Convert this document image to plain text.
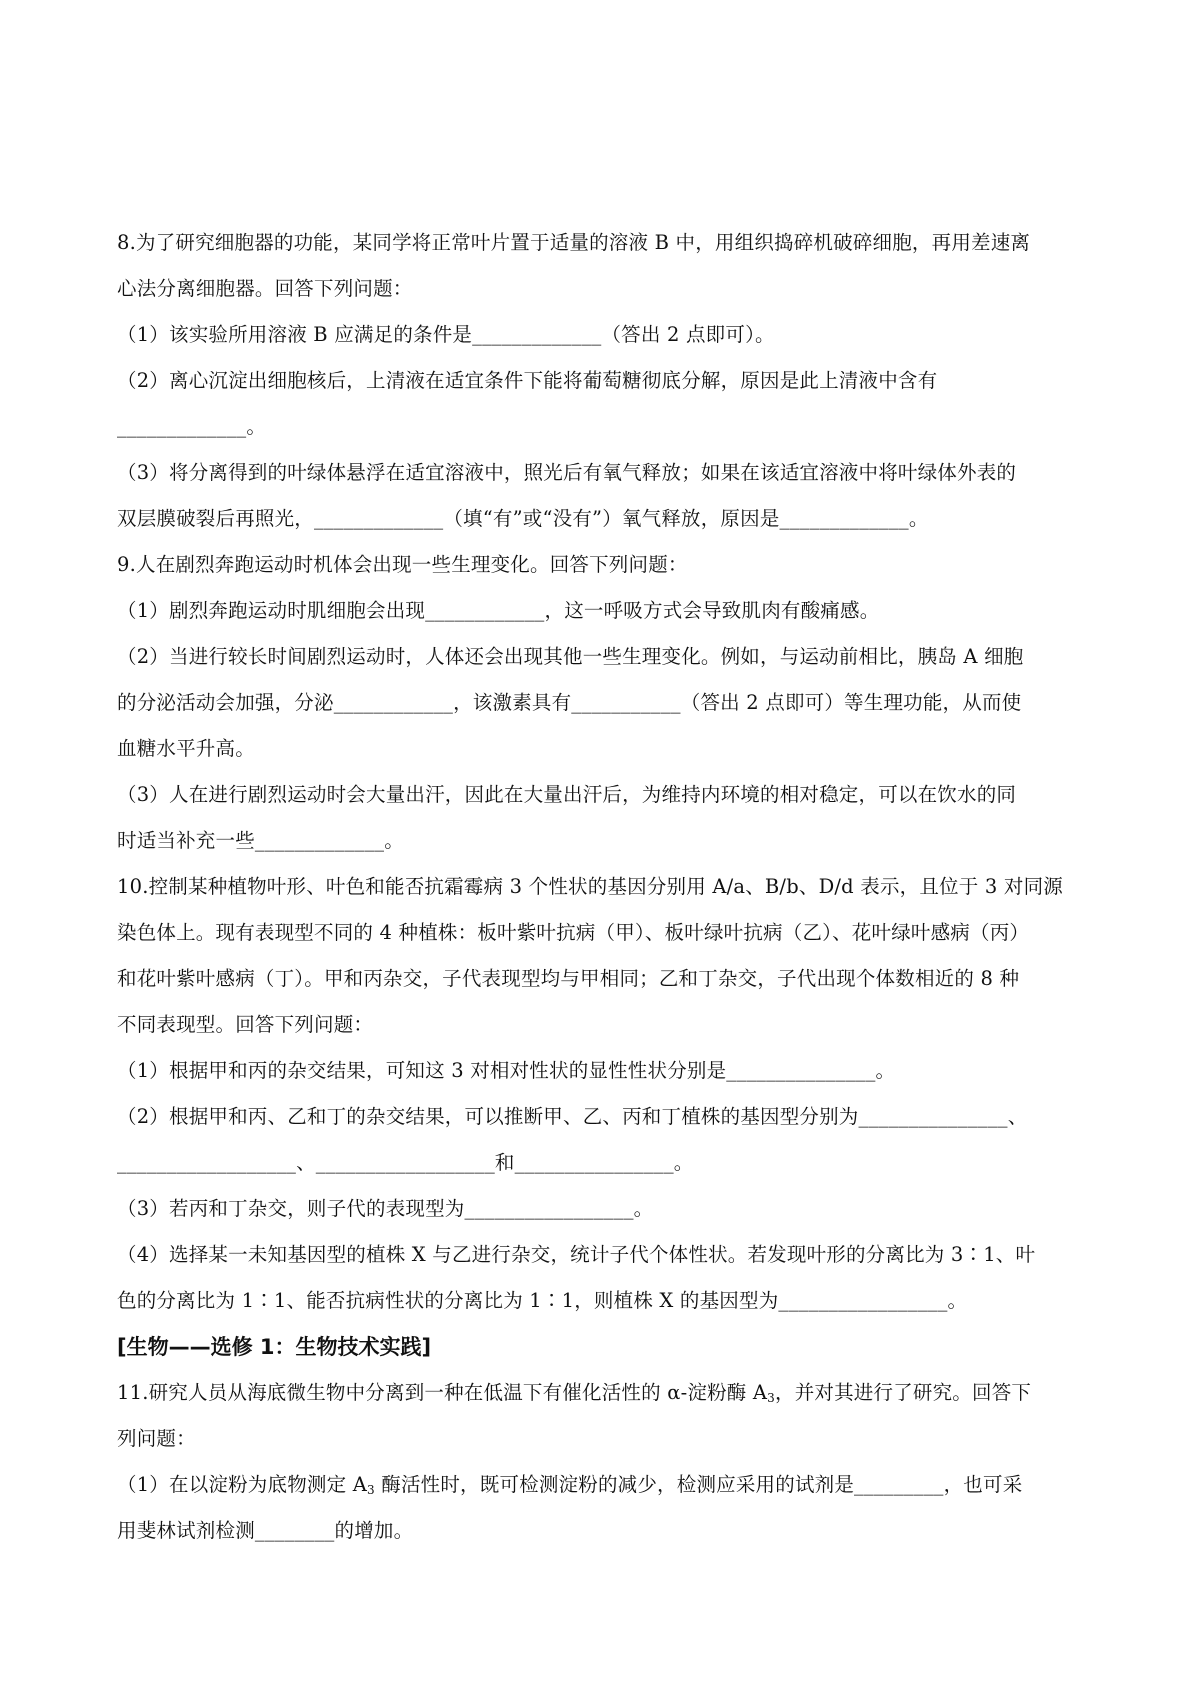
8.为了研究细胞器的功能，某同学将正常叶片置于适量的溶液 B 中，用组织捣碎机破碎细胞，再用差速离

心法分离细胞器。回答下列问题：

（1）该实验所用溶液 B 应满足的条件是_____________（答出 2 点即可）。

（2）离心沉淀出细胞核后，上清液在适宜条件下能将葡萄糖彻底分解，原因是此上清液中含有

_____________。

（3）将分离得到的叶绿体悬浮在适宜溶液中，照光后有氧气释放；如果在该适宜溶液中将叶绿体外表的

双层膜破裂后再照光，_____________（填“有”或“没有”）氧气释放，原因是_____________。

9.人在剧烈奔跑运动时机体会出现一些生理变化。回答下列问题：

（1）剧烈奔跑运动时肌细胞会出现____________，这一呼吸方式会导致肌肉有酸痛感。

（2）当进行较长时间剧烈运动时，人体还会出现其他一些生理变化。例如，与运动前相比，胰岛 A 细胞

的分泌活动会加强，分泌____________，该激素具有___________（答出 2 点即可）等生理功能，从而使

血糖水平升高。

（3）人在进行剧烈运动时会大量出汗，因此在大量出汗后，为维持内环境的相对稳定，可以在饮水的同

时适当补充一些_____________。

10.控制某种植物叶形、叶色和能否抗霜霉病 3 个性状的基因分别用 A/a、B/b、D/d 表示，且位于 3 对同源

染色体上。现有表现型不同的 4 种植株：板叶紫叶抗病（甲）、板叶绿叶抗病（乙）、花叶绿叶感病（丙）

和花叶紫叶感病（丁）。甲和丙杂交，子代表现型均与甲相同；乙和丁杂交，子代出现个体数相近的 8 种

不同表现型。回答下列问题：

（1）根据甲和丙的杂交结果，可知这 3 对相对性状的显性性状分别是_______________。

（2）根据甲和丙、乙和丁的杂交结果，可以推断甲、乙、丙和丁植株的基因型分别为_______________、

__________________、__________________和________________。

（3）若丙和丁杂交，则子代的表现型为_________________。

（4）选择某一未知基因型的植株 X 与乙进行杂交，统计子代个体性状。若发现叶形的分离比为 3∶1、叶

色的分离比为 1∶1、能否抗病性状的分离比为 1∶1，则植株 X 的基因型为_________________。

[生物——选修 1：生物技术实践]

11.研究人员从海底微生物中分离到一种在低温下有催化活性的 α-淀粉酶 $A_3$，并对其进行了研究。回答下

列问题：

（1）在以淀粉为底物测定 $A_3$ 酶活性时，既可检测淀粉的减少，检测应采用的试剂是_________，也可采

用斐林试剂检测________的增加。
